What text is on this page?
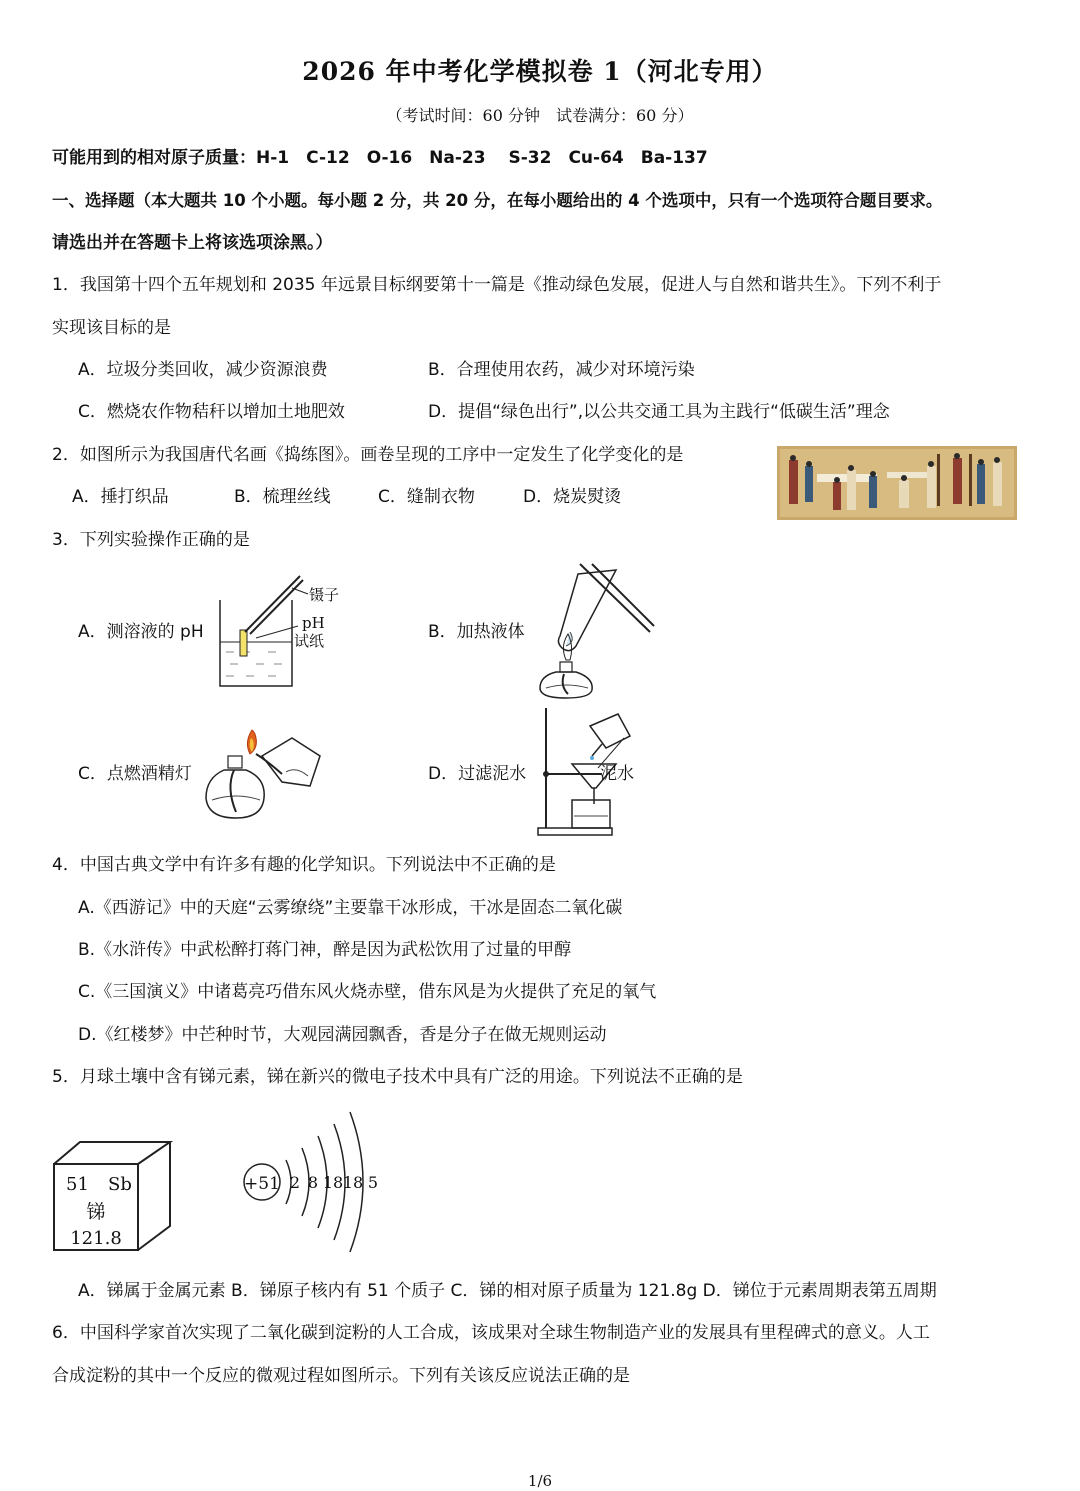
2026 年中考化学模拟卷 1（河北专用）
（考试时间：60 分钟　试卷满分：60 分）
可能用到的相对原子质量：H-1　C-12　O-16　Na-23　 S-32　Cu-64　Ba-137
一、选择题（本大题共 10 个小题。每小题 2 分，共 20 分，在每小题给出的 4 个选项中，只有一个选项符合题目要求。
请选出并在答题卡上将该选项涂黑。）
1．我国第十四个五年规划和 2035 年远景目标纲要第十一篇是《推动绿色发展，促进人与自然和谐共生》。下列不利于
实现该目标的是
A．垃圾分类回收，减少资源浪费	B．合理使用农药，减少对环境污染
C．燃烧农作物秸秆以增加土地肥效	D．提倡“绿色出行”,以公共交通工具为主践行“低碳生活”理念
2．如图所示为我国唐代名画《捣练图》。画卷呈现的工序中一定发生了化学变化的是
A．捶打织品	B．梳理丝线	C．缝制衣物	D．烧炭熨烫
3．下列实验操作正确的是
A．测溶液的 pH	B．加热液体
C．点燃酒精灯	D．过滤泥水
镊子
pH
试纸
泥水
4．中国古典文学中有许多有趣的化学知识。下列说法中不正确的是
A.《西游记》中的天庭“云雾缭绕”主要靠干冰形成，干冰是固态二氧化碳
B.《水浒传》中武松醉打蒋门神，醉是因为武松饮用了过量的甲醇
C.《三国演义》中诸葛亮巧借东风火烧赤壁，借东风是为火提供了充足的氧气
D.《红楼梦》中芒种时节，大观园满园飘香，香是分子在做无规则运动
5．月球土壤中含有锑元素，锑在新兴的微电子技术中具有广泛的用途。下列说法不正确的是
51 Sb
锑
121.8
+51 2 8 18 18 5
A．锑属于金属元素 B．锑原子核内有 51 个质子 C．锑的相对原子质量为 121.8g D．锑位于元素周期表第五周期
6．中国科学家首次实现了二氧化碳到淀粉的人工合成，该成果对全球生物制造产业的发展具有里程碑式的意义。人工
合成淀粉的其中一个反应的微观过程如图所示。下列有关该反应说法正确的是
1/6
